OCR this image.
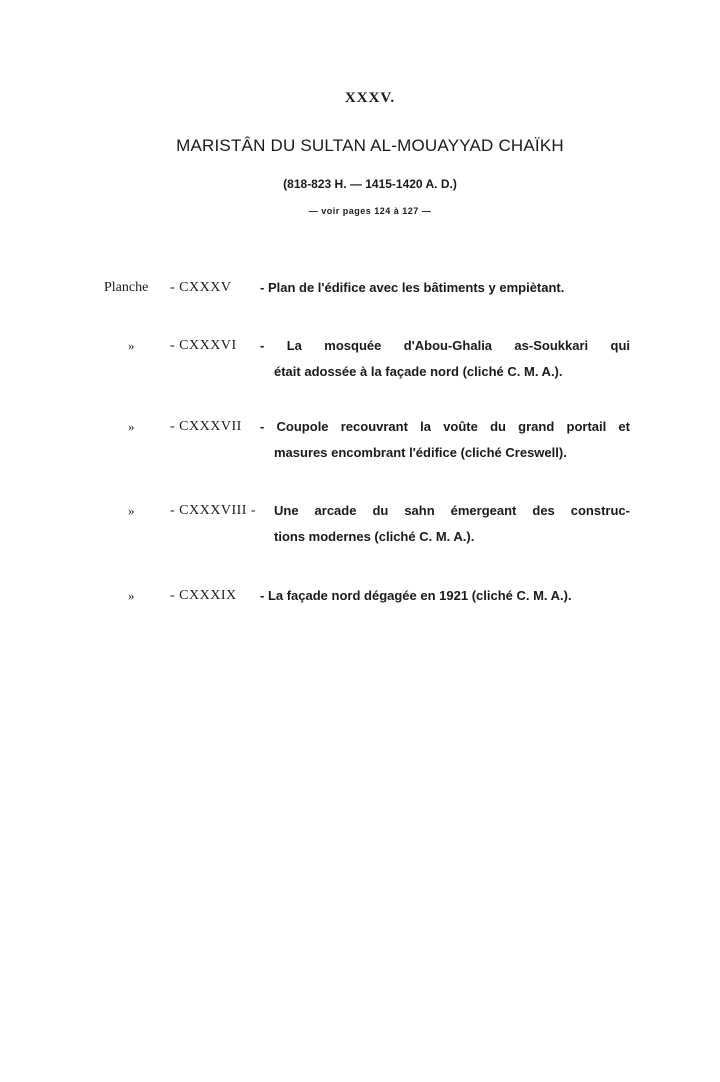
XXXV.
MARISTÂN DU SULTAN AL-MOUAYYAD CHAÏKH
(818-823 H. — 1415-1420 A. D.)
— voir pages 124 à 127 —
Planche	- CXXXV - Plan de l'édifice avec les bâtiments y empiètant.
»	- CXXXVI - La mosquée d'Abou-Ghalia as-Soukkari qui
était adossée à la façade nord (cliché C. M. A.).
»	- CXXXVII - Coupole recouvrant la voûte du grand portail et
masures encombrant l'édifice (cliché Creswell).
»	- CXXXVIII - Une arcade du sahn émergeant des construc-
tions modernes (cliché C. M. A.).
»	- CXXXIX - La façade nord dégagée en 1921 (cliché C. M. A.).
